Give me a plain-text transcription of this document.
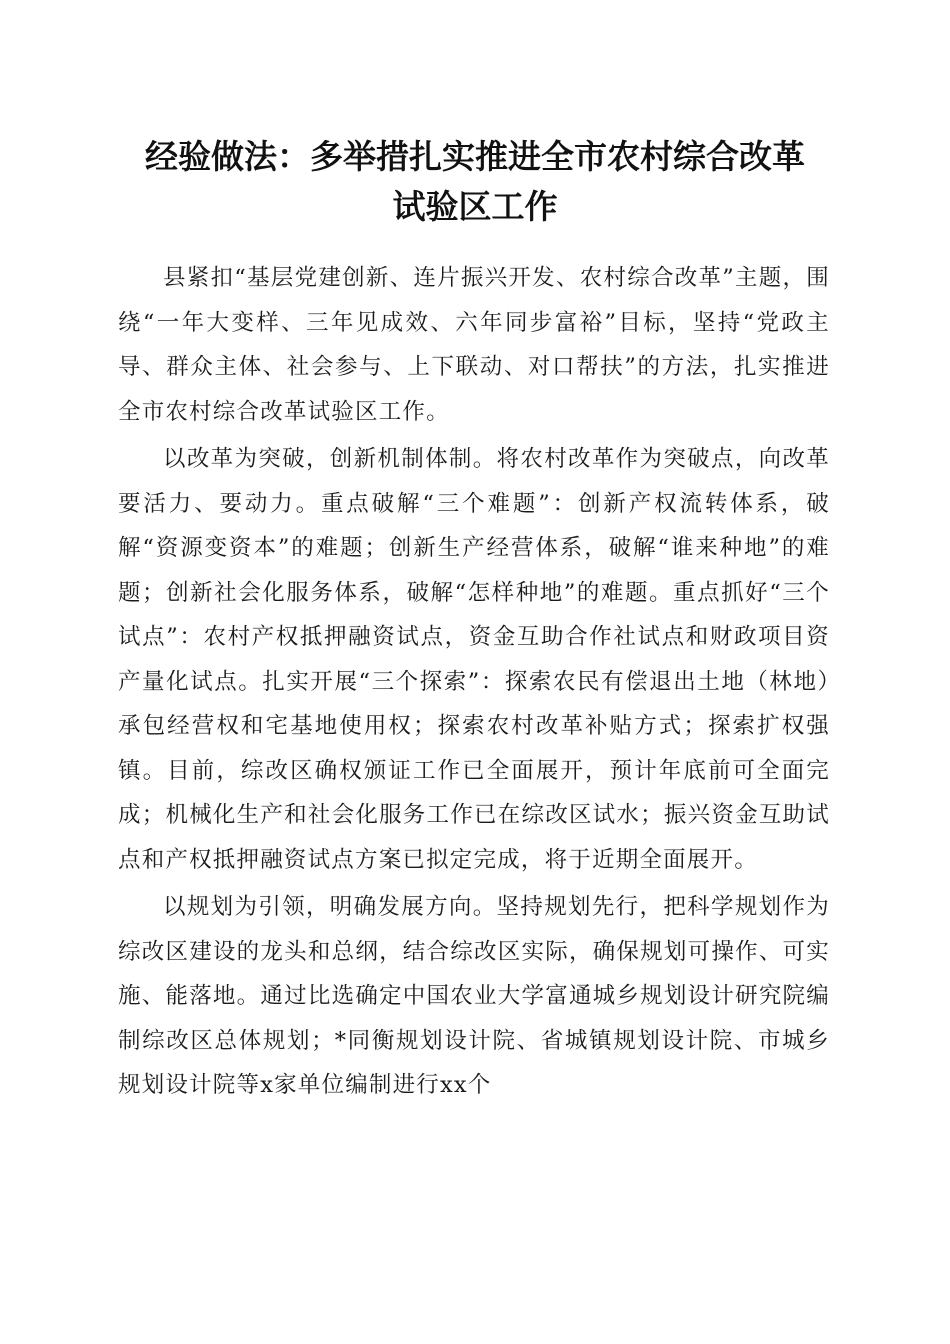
经验做法：多举措扎实推进全市农村综合改革
试验区工作

县紧扣“基层党建创新、连片振兴开发、农村综合改革”主题，围绕“一年大变样、三年见成效、六年同步富裕”目标，坚持“党政主导、群众主体、社会参与、上下联动、对口帮扶”的方法，扎实推进全市农村综合改革试验区工作。

以改革为突破，创新机制体制。将农村改革作为突破点，向改革要活力、要动力。重点破解“三个难题”：创新产权流转体系，破解“资源变资本”的难题；创新生产经营体系，破解“谁来种地”的难题；创新社会化服务体系，破解“怎样种地”的难题。重点抓好“三个试点”：农村产权抵押融资试点，资金互助合作社试点和财政项目资产量化试点。扎实开展“三个探索”：探索农民有偿退出土地（林地）承包经营权和宅基地使用权；探索农村改革补贴方式；探索扩权强镇。目前，综改区确权颁证工作已全面展开，预计年底前可全面完成；机械化生产和社会化服务工作已在综改区试水；振兴资金互助试点和产权抵押融资试点方案已拟定完成，将于近期全面展开。

以规划为引领，明确发展方向。坚持规划先行，把科学规划作为综改区建设的龙头和总纲，结合综改区实际，确保规划可操作、可实施、能落地。通过比选确定中国农业大学富通城乡规划设计研究院编制综改区总体规划；*同衡规划设计院、省城镇规划设计院、市城乡规划设计院等x家单位编制进行xx个
